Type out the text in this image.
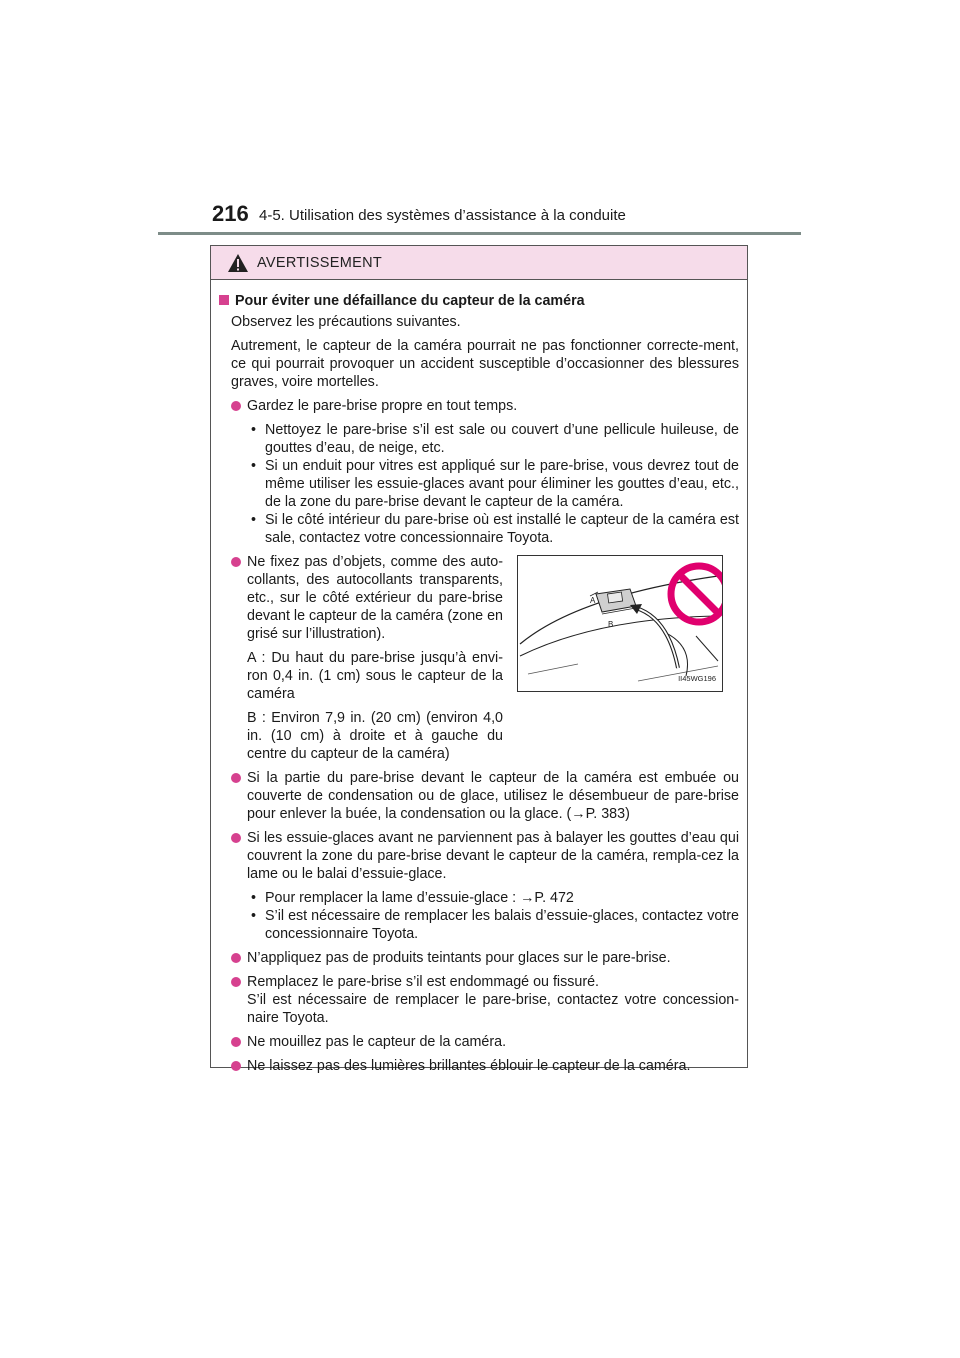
216 4-5. Utilisation des systèmes d’assistance à la conduite
AVERTISSEMENT
Pour éviter une défaillance du capteur de la caméra
Observez les précautions suivantes.
Autrement, le capteur de la caméra pourrait ne pas fonctionner correcte-ment, ce qui pourrait provoquer un accident susceptible d’occasionner des blessures graves, voire mortelles.
Gardez le pare-brise propre en tout temps.
• Nettoyez le pare-brise s’il est sale ou couvert d’une pellicule huileuse, de gouttes d’eau, de neige, etc.
• Si un enduit pour vitres est appliqué sur le pare-brise, vous devrez tout de même utiliser les essuie-glaces avant pour éliminer les gouttes d’eau, etc., de la zone du pare-brise devant le capteur de la caméra.
• Si le côté intérieur du pare-brise où est installé le capteur de la caméra est sale, contactez votre concessionnaire Toyota.
Ne fixez pas d’objets, comme des auto-collants, des autocollants transparents, etc., sur le côté extérieur du pare-brise devant le capteur de la caméra (zone en grisé sur l’illustration).
A : Du haut du pare-brise jusqu’à envi-ron 0,4 in. (1 cm) sous le capteur de la caméra
B : Environ 7,9 in. (20 cm) (environ 4,0 in. (10 cm) à droite et à gauche du centre du capteur de la caméra)
A
B
II45WG196
Si la partie du pare-brise devant le capteur de la caméra est embuée ou couverte de condensation ou de glace, utilisez le désembueur de pare-brise pour enlever la buée, la condensation ou la glace. (→P. 383)
Si les essuie-glaces avant ne parviennent pas à balayer les gouttes d’eau qui couvrent la zone du pare-brise devant le capteur de la caméra, rempla-cez la lame ou le balai d’essuie-glace.
• Pour remplacer la lame d’essuie-glace : →P. 472
• S’il est nécessaire de remplacer les balais d’essuie-glaces, contactez votre concessionnaire Toyota.
N’appliquez pas de produits teintants pour glaces sur le pare-brise.
Remplacez le pare-brise s’il est endommagé ou fissuré.
S’il est nécessaire de remplacer le pare-brise, contactez votre concession-naire Toyota.
Ne mouillez pas le capteur de la caméra.
Ne laissez pas des lumières brillantes éblouir le capteur de la caméra.
